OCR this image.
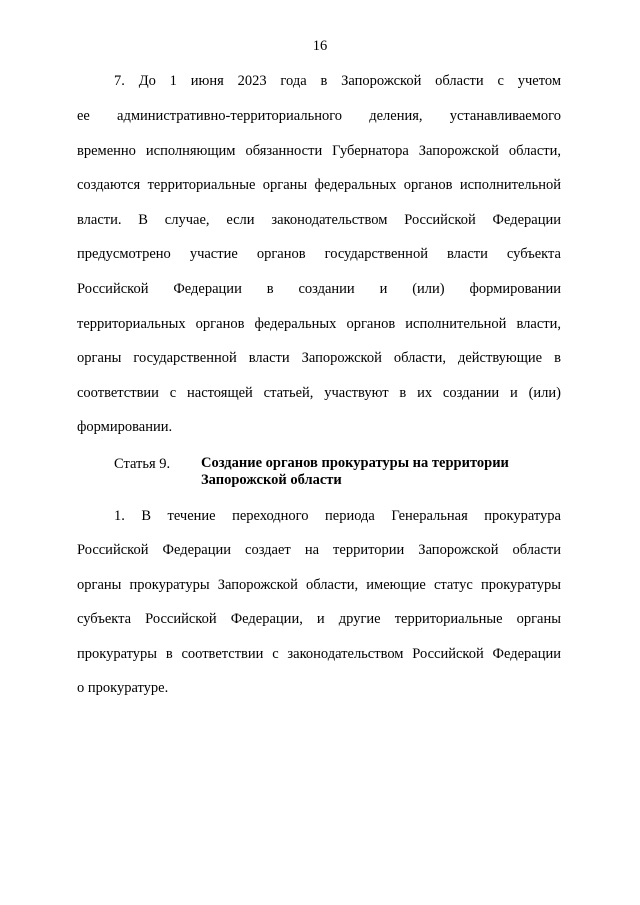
16
7. До 1 июня 2023 года в Запорожской области с учетом
ее административно-территориального деления, устанавливаемого
временно исполняющим обязанности Губернатора Запорожской области,
создаются территориальные органы федеральных органов исполнительной
власти. В случае, если законодательством Российской Федерации
предусмотрено участие органов государственной власти субъекта
Российской Федерации в создании и (или) формировании
территориальных органов федеральных органов исполнительной власти,
органы государственной власти Запорожской области, действующие в
соответствии с настоящей статьей, участвуют в их создании и (или)
формировании.
Статья 9. Создание органов прокуратуры на территории
Запорожской области
1. В течение переходного периода Генеральная прокуратура
Российской Федерации создает на территории Запорожской области
органы прокуратуры Запорожской области, имеющие статус прокуратуры
субъекта Российской Федерации, и другие территориальные органы
прокуратуры в соответствии с законодательством Российской Федерации
о прокуратуре.
